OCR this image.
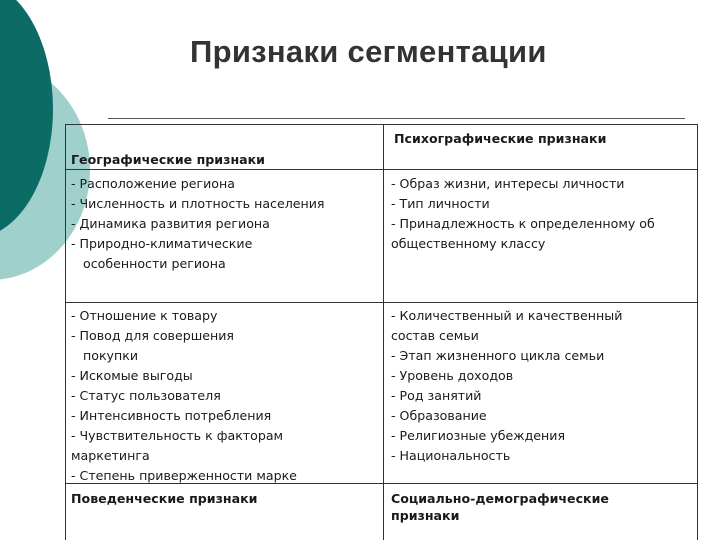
Признаки сегментации
Психографические признаки
Географические признаки
- Расположение региона
- Численность и плотность населения
- Динамика развития региона
- Природно-климатические
особенности региона
- Образ жизни, интересы личности
- Тип личности
- Принадлежность к определенному об
общественному классу
- Отношение к товару
- Повод для совершения
покупки
- Искомые выгоды
- Статус пользователя
- Интенсивность потребления
- Чувствительность к факторам
маркетинга
- Степень приверженности марке
- Количественный и качественный
состав семьи
- Этап жизненного цикла семьи
- Уровень доходов
- Род занятий
- Образование
- Религиозные убеждения
- Национальность
Поведенческие признаки	Социально-демографические
признаки
